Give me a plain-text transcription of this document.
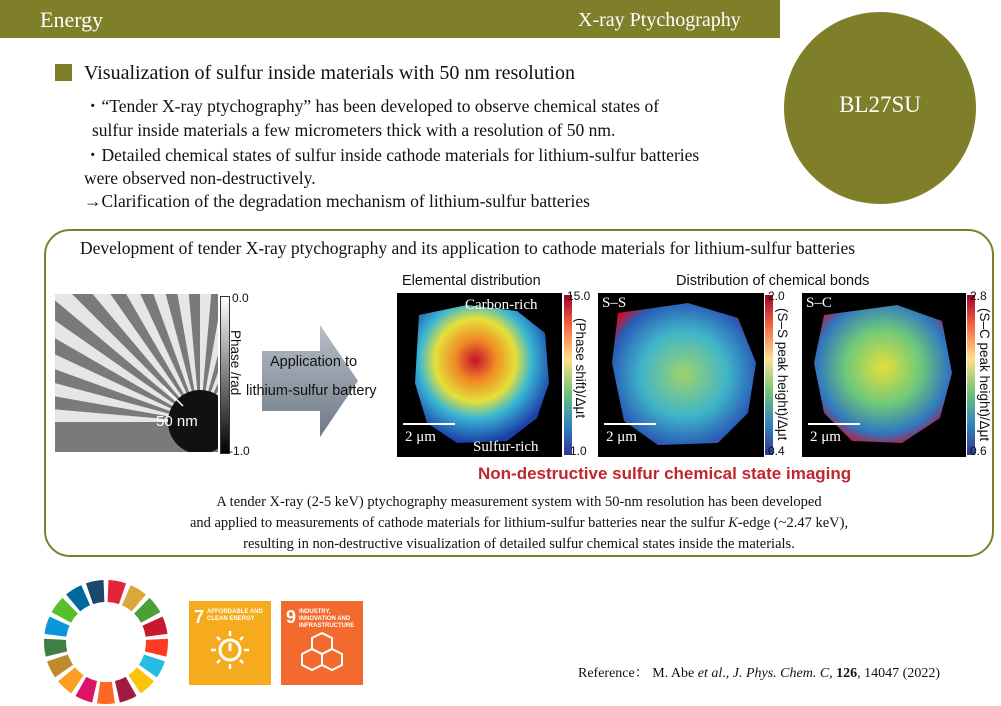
Energy	X-ray Ptychography
BL27SU
Visualization of sulfur inside materials with 50 nm resolution
・“Tender X-ray ptychography” has been developed to observe chemical states of
sulfur inside materials a few micrometers thick with a resolution of 50 nm.
・Detailed chemical states of sulfur inside cathode materials for lithium-sulfur batteries
were observed non-destructively.
→Clarification of the degradation mechanism of lithium-sulfur batteries
Development of tender X-ray ptychography and its application to cathode materials for lithium-sulfur batteries
50 nm
0.0
-1.0
Phase /rad Application to
lithium-sulfur battery
Elemental distribution
Carbon-rich
Sulfur-rich
2 μm
15.0
1.0
(Phase shift)/Δμt
Distribution of chemical bonds
S–S
2 μm
2.0
0.4
(S–S peak height)/Δμt
S–C
2 μm
2.8
0.6
(S–C peak height)/Δμt
Non-destructive sulfur chemical state imaging
A tender X-ray (2-5 keV) ptychography measurement system with 50-nm resolution has been developed
and applied to measurements of cathode materials for lithium-sulfur batteries near the sulfur K-edge (~2.47 keV),
resulting in non-destructive visualization of detailed sulfur chemical states inside the materials.
7 AFFORDABLE AND CLEAN ENERGY	9 INDUSTRY, INNOVATION AND INFRASTRUCTURE
Reference： M. Abe et al., J. Phys. Chem. C, 126, 14047 (2022)
